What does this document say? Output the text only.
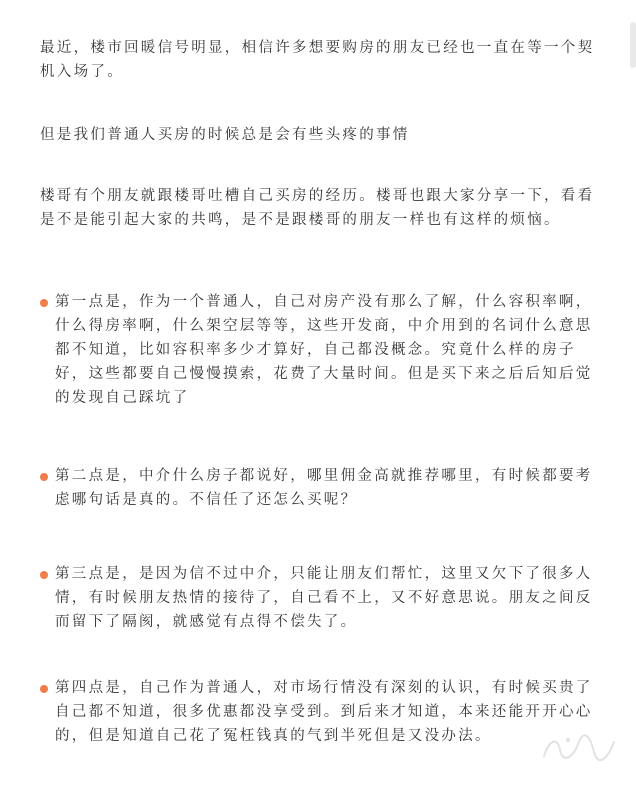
最近，楼市回暖信号明显，相信许多想要购房的朋友已经也一直在等一个契机入场了。

但是我们普通人买房的时候总是会有些头疼的事情

楼哥有个朋友就跟楼哥吐槽自己买房的经历。楼哥也跟大家分享一下，看看是不是能引起大家的共鸣，是不是跟楼哥的朋友一样也有这样的烦恼。

第一点是，作为一个普通人，自己对房产没有那么了解，什么容积率啊，什么得房率啊，什么架空层等等，这些开发商，中介用到的名词什么意思都不知道，比如容积率多少才算好，自己都没概念。究竟什么样的房子好，这些都要自己慢慢摸索，花费了大量时间。但是买下来之后后知后觉的发现自己踩坑了

第二点是，中介什么房子都说好，哪里佣金高就推荐哪里，有时候都要考虑哪句话是真的。不信任了还怎么买呢？

第三点是，是因为信不过中介，只能让朋友们帮忙，这里又欠下了很多人情，有时候朋友热情的接待了，自己看不上，又不好意思说。朋友之间反而留下了隔阂，就感觉有点得不偿失了。

第四点是，自己作为普通人，对市场行情没有深刻的认识，有时候买贵了自己都不知道，很多优惠都没享受到。到后来才知道，本来还能开开心心的，但是知道自己花了冤枉钱真的气到半死但是又没办法。
